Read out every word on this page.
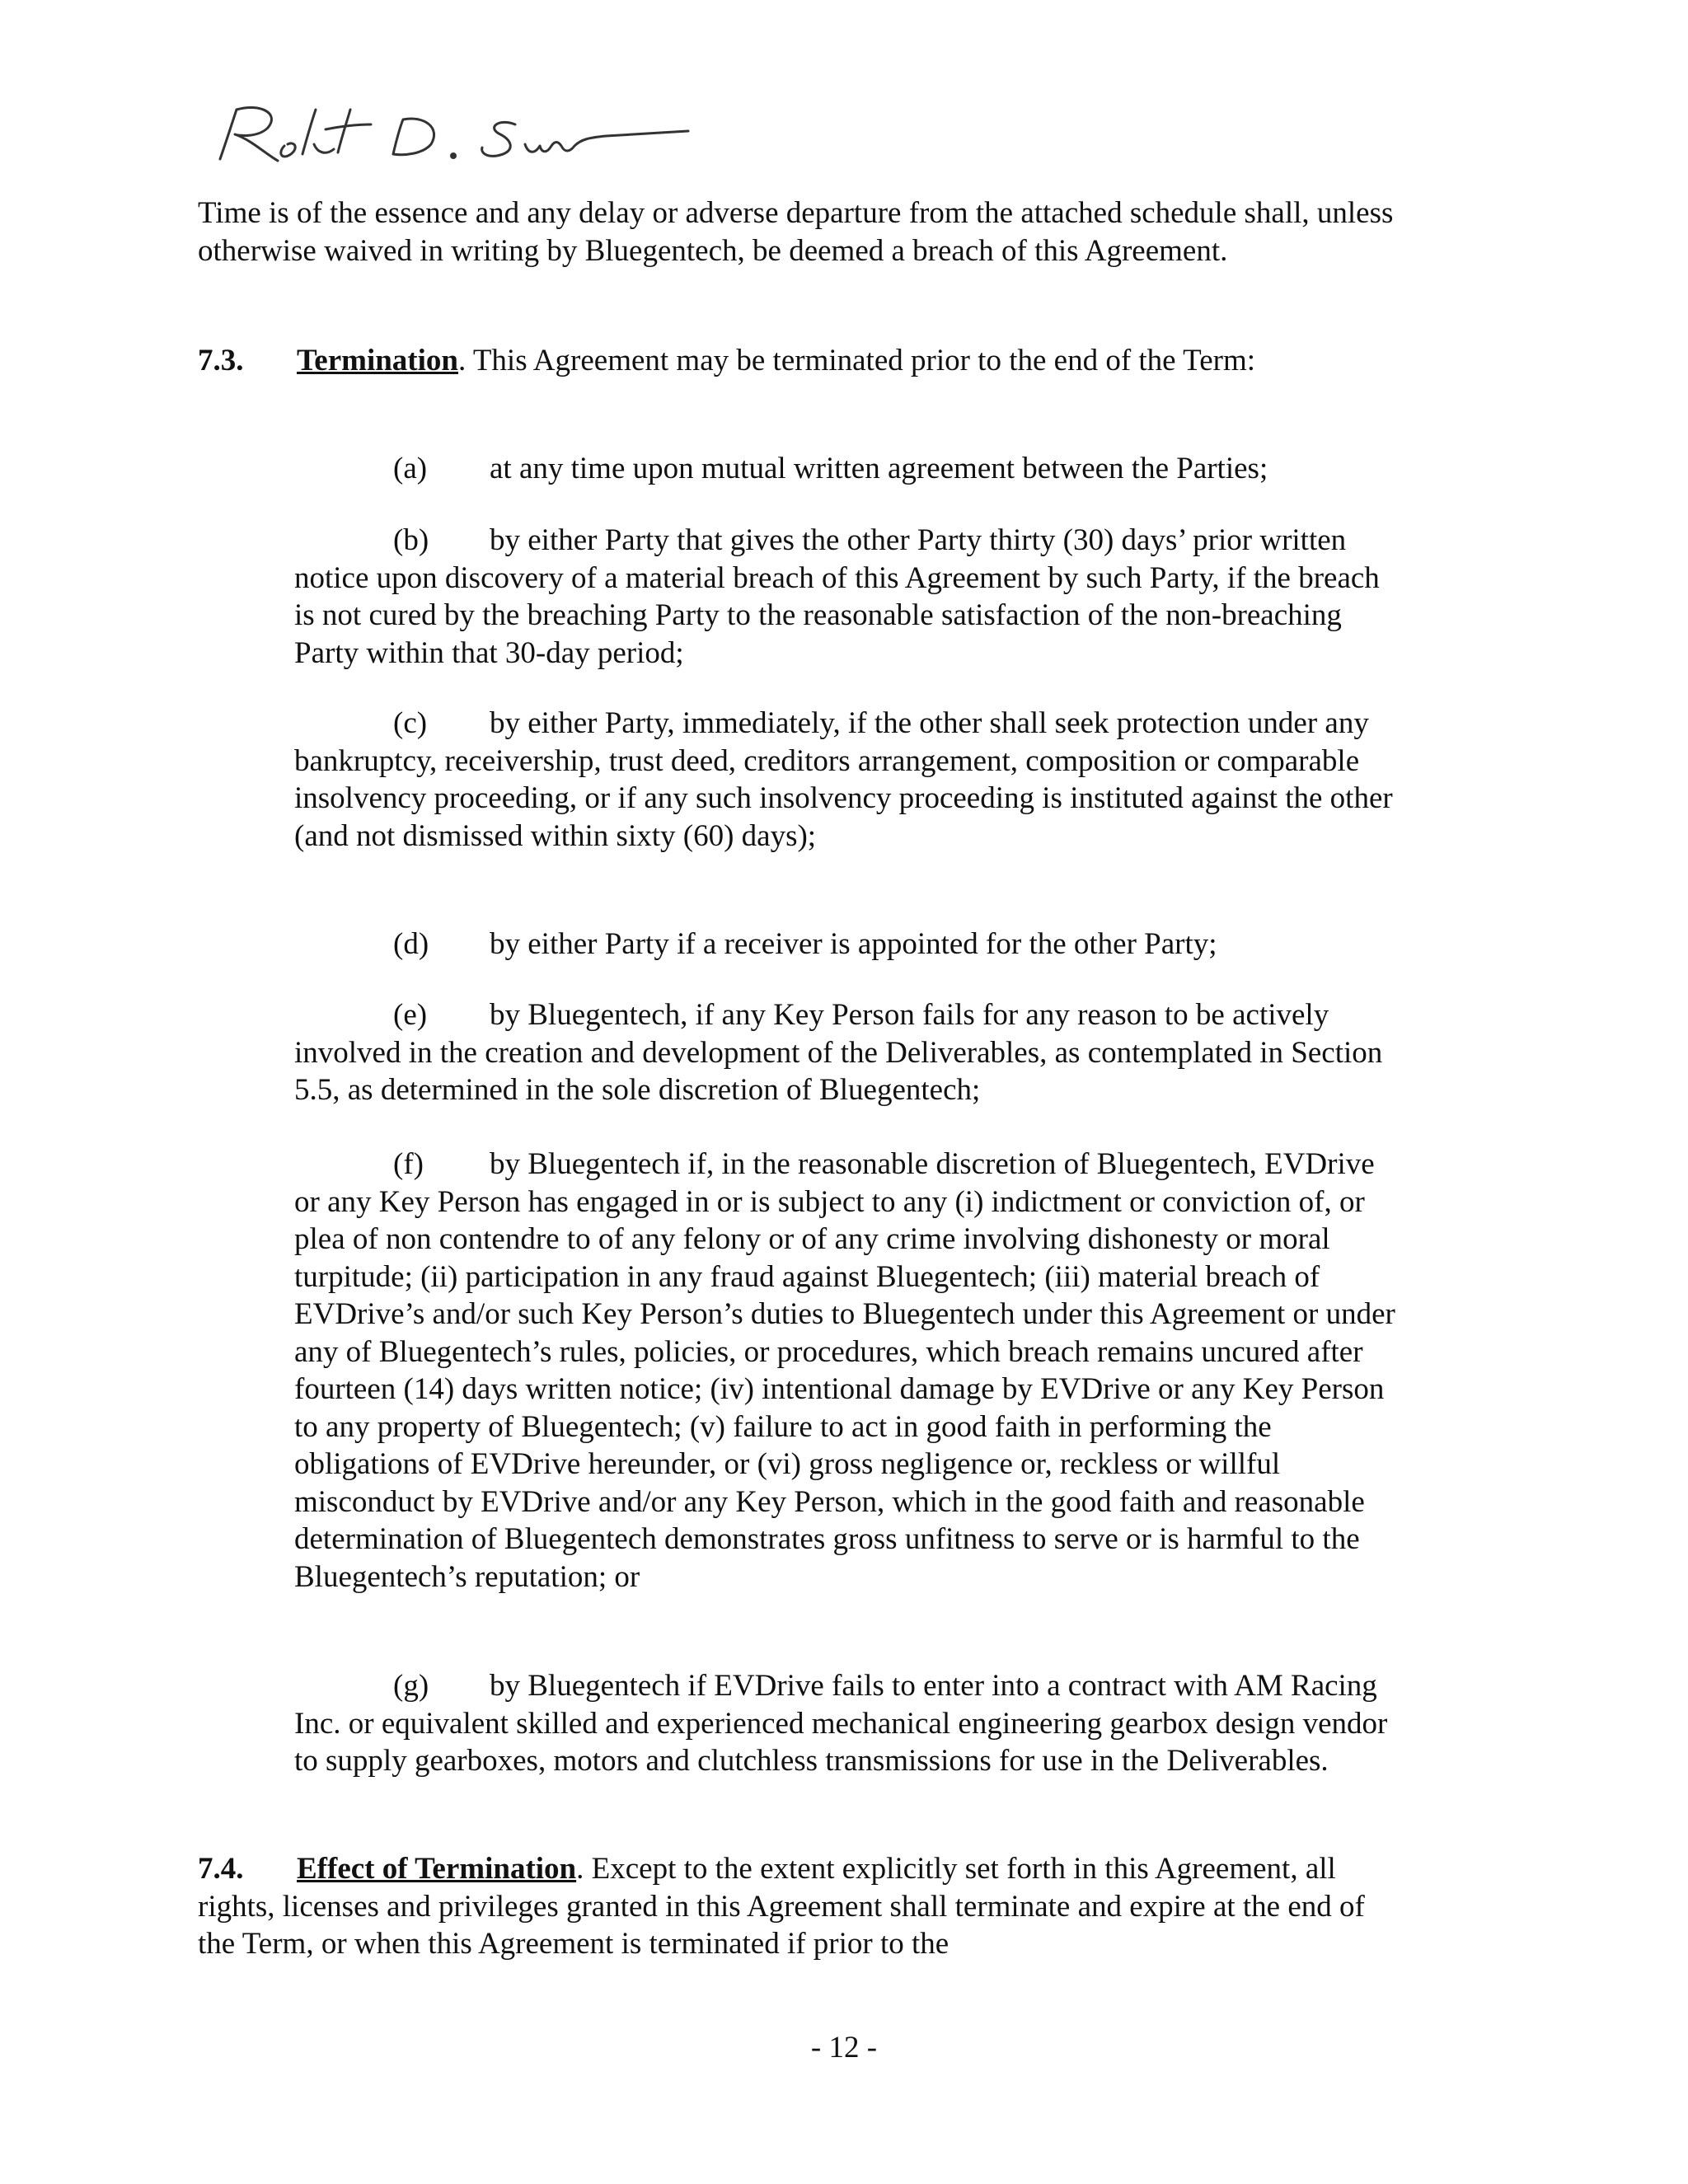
Time is of the essence and any delay or adverse departure from the attached schedule shall, unless otherwise waived in writing by Bluegentech, be deemed a breach of this Agreement.

7.3. Termination. This Agreement may be terminated prior to the end of the Term:

(a) at any time upon mutual written agreement between the Parties;

(b) by either Party that gives the other Party thirty (30) days’ prior written notice upon discovery of a material breach of this Agreement by such Party, if the breach is not cured by the breaching Party to the reasonable satisfaction of the non-breaching Party within that 30-day period;

(c) by either Party, immediately, if the other shall seek protection under any bankruptcy, receivership, trust deed, creditors arrangement, composition or comparable insolvency proceeding, or if any such insolvency proceeding is instituted against the other (and not dismissed within sixty (60) days);

(d) by either Party if a receiver is appointed for the other Party;

(e) by Bluegentech, if any Key Person fails for any reason to be actively involved in the creation and development of the Deliverables, as contemplated in Section 5.5, as determined in the sole discretion of Bluegentech;

(f) by Bluegentech if, in the reasonable discretion of Bluegentech, EVDrive or any Key Person has engaged in or is subject to any (i) indictment or conviction of, or plea of non contendre to of any felony or of any crime involving dishonesty or moral turpitude; (ii) participation in any fraud against Bluegentech; (iii) material breach of EVDrive’s and/or such Key Person’s duties to Bluegentech under this Agreement or under any of Bluegentech’s rules, policies, or procedures, which breach remains uncured after fourteen (14) days written notice; (iv) intentional damage by EVDrive or any Key Person to any property of Bluegentech; (v) failure to act in good faith in performing the obligations of EVDrive hereunder, or (vi) gross negligence or, reckless or willful misconduct by EVDrive and/or any Key Person, which in the good faith and reasonable determination of Bluegentech demonstrates gross unfitness to serve or is harmful to the Bluegentech’s reputation; or

(g) by Bluegentech if EVDrive fails to enter into a contract with AM Racing Inc. or equivalent skilled and experienced mechanical engineering gearbox design vendor to supply gearboxes, motors and clutchless transmissions for use in the Deliverables.

7.4. Effect of Termination. Except to the extent explicitly set forth in this Agreement, all rights, licenses and privileges granted in this Agreement shall terminate and expire at the end of the Term, or when this Agreement is terminated if prior to the

- 12 -
